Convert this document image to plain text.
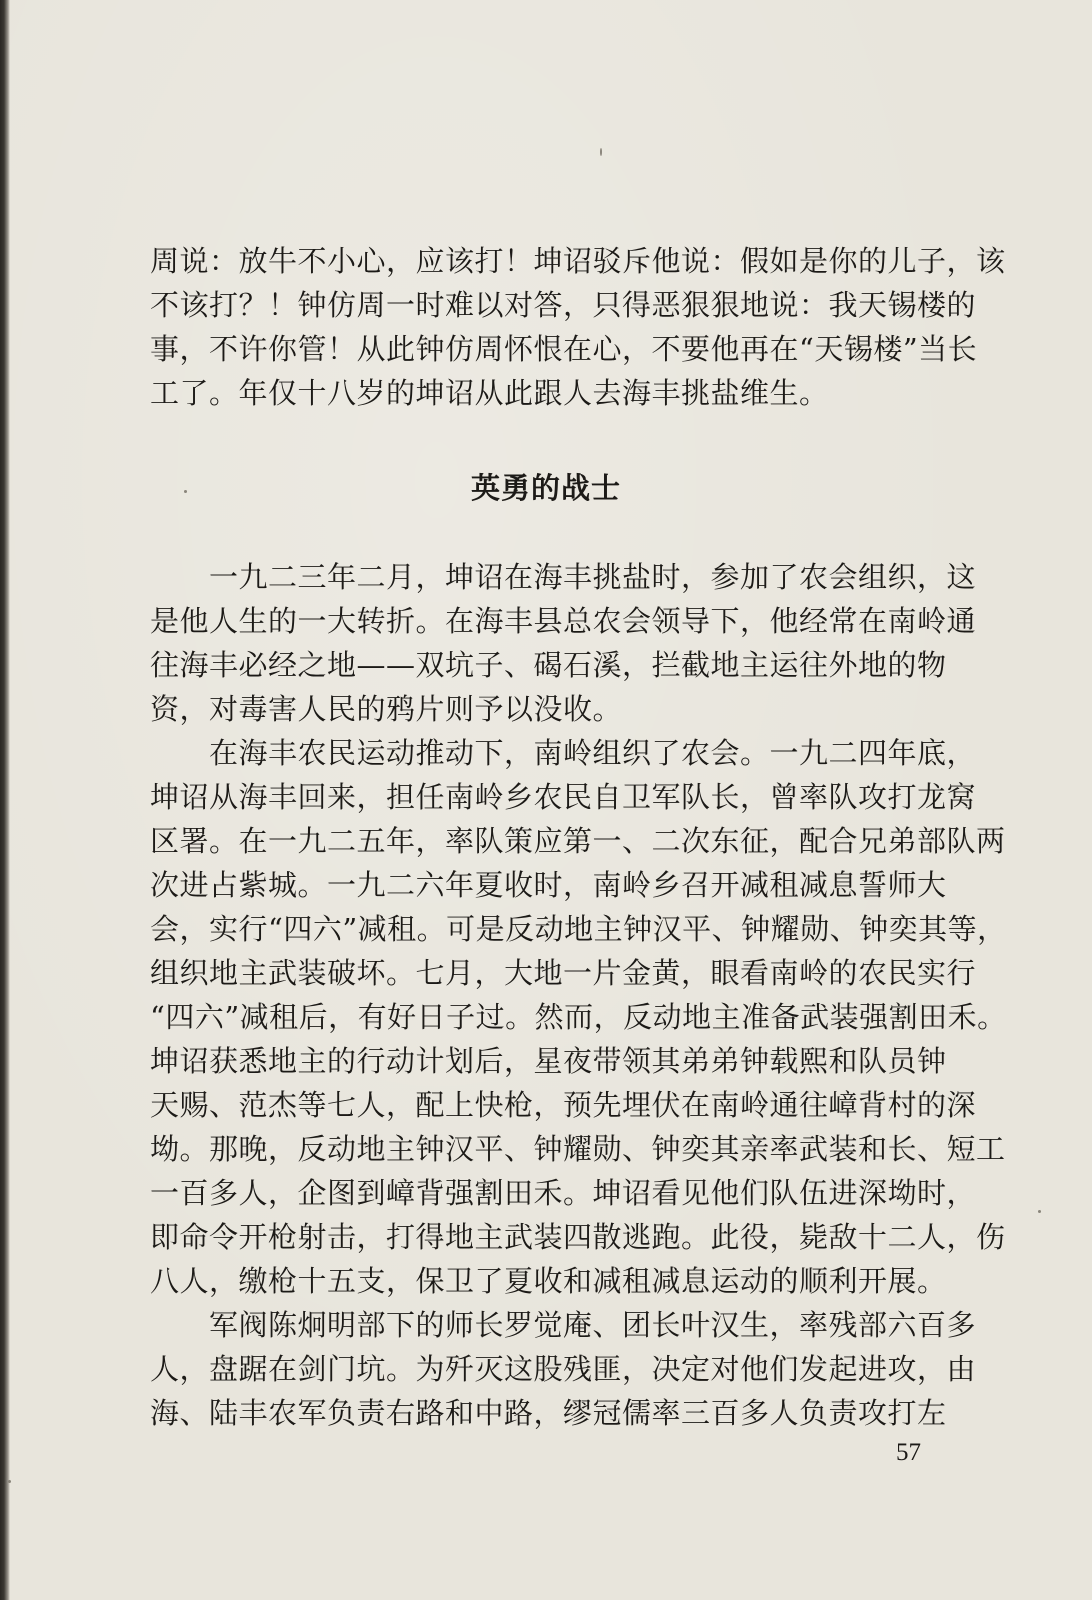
周说：放牛不小心，应该打！坤诏驳斥他说：假如是你的儿子，该
不该打？！钟仿周一时难以对答，只得恶狠狠地说：我天锡楼的
事，不许你管！从此钟仿周怀恨在心，不要他再在“天锡楼”当长
工了。年仅十八岁的坤诏从此跟人去海丰挑盐维生。
英勇的战士
　　一九二三年二月，坤诏在海丰挑盐时，参加了农会组织，这
是他人生的一大转折。在海丰县总农会领导下，他经常在南岭通
往海丰必经之地——双坑子、碣石溪，拦截地主运往外地的物
资，对毒害人民的鸦片则予以没收。
　　在海丰农民运动推动下，南岭组织了农会。一九二四年底，
坤诏从海丰回来，担任南岭乡农民自卫军队长，曾率队攻打龙窝
区署。在一九二五年，率队策应第一、二次东征，配合兄弟部队两
次进占紫城。一九二六年夏收时，南岭乡召开减租减息誓师大
会，实行“四六”减租。可是反动地主钟汉平、钟耀勋、钟奕其等，
组织地主武装破坏。七月，大地一片金黄，眼看南岭的农民实行
“四六”减租后，有好日子过。然而，反动地主准备武装强割田禾。
坤诏获悉地主的行动计划后，星夜带领其弟弟钟载熙和队员钟
天赐、范杰等七人，配上快枪，预先埋伏在南岭通往嶂背村的深
坳。那晚，反动地主钟汉平、钟耀勋、钟奕其亲率武装和长、短工
一百多人，企图到嶂背强割田禾。坤诏看见他们队伍进深坳时，
即命令开枪射击，打得地主武装四散逃跑。此役，毙敌十二人，伤
八人，缴枪十五支，保卫了夏收和减租减息运动的顺利开展。
　　军阀陈炯明部下的师长罗觉庵、团长叶汉生，率残部六百多
人，盘踞在剑门坑。为歼灭这股残匪，决定对他们发起进攻，由
海、陆丰农军负责右路和中路，缪冠儒率三百多人负责攻打左
57
